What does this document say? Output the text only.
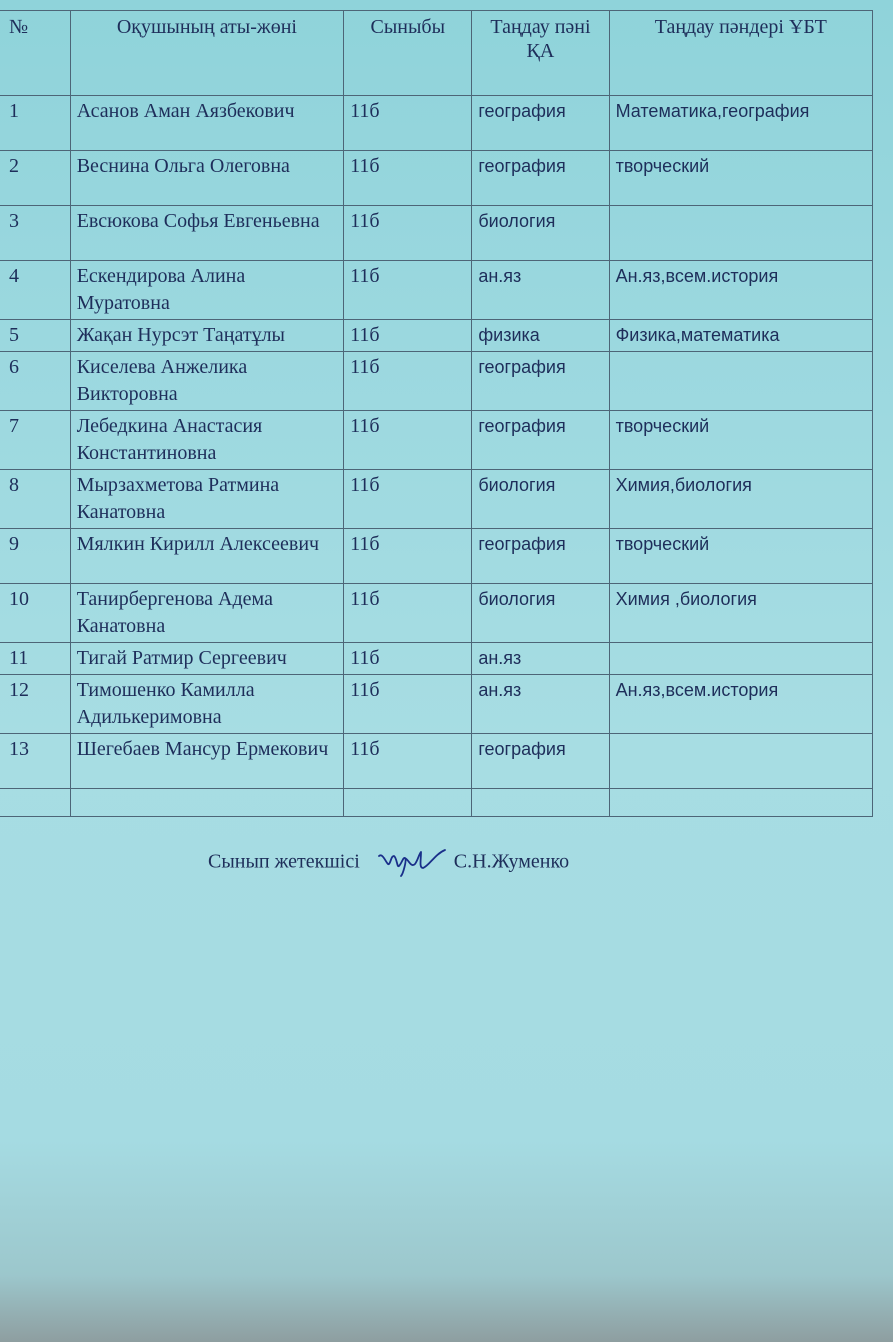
№	Оқушының аты-жөні	Сыныбы	Таңдау пәні ҚА	Таңдау пәндері ҰБТ
1	Асанов Аман Аязбекович	11б	география	Математика,география
2	Веснина Ольга Олеговна	11б	география	творческий
3	Евсюкова Софья Евгеньевна	11б	биология	
4	Ескендирова Алина Муратовна	11б	ан.яз	Ан.яз,всем.история
5	Жақан Нурсэт Таңатұлы	11б	физика	Физика,математика
6	Киселева Анжелика Викторовна	11б	география	
7	Лебедкина Анастасия Константиновна	11б	география	творческий
8	Мырзахметова Ратмина Канатовна	11б	биология	Химия,биология
9	Мялкин Кирилл Алексеевич	11б	география	творческий
10	Танирбергенова Адема Канатовна	11б	биология	Химия ,биология
11	Тигай Ратмир Сергеевич	11б	ан.яз	
12	Тимошенко Камилла Адилькеримовна	11б	ан.яз	Ан.яз,всем.история
13	Шегебаев Мансур Ермекович	11б	география	

Сынып жетекшісі	С.Н.Жуменко
